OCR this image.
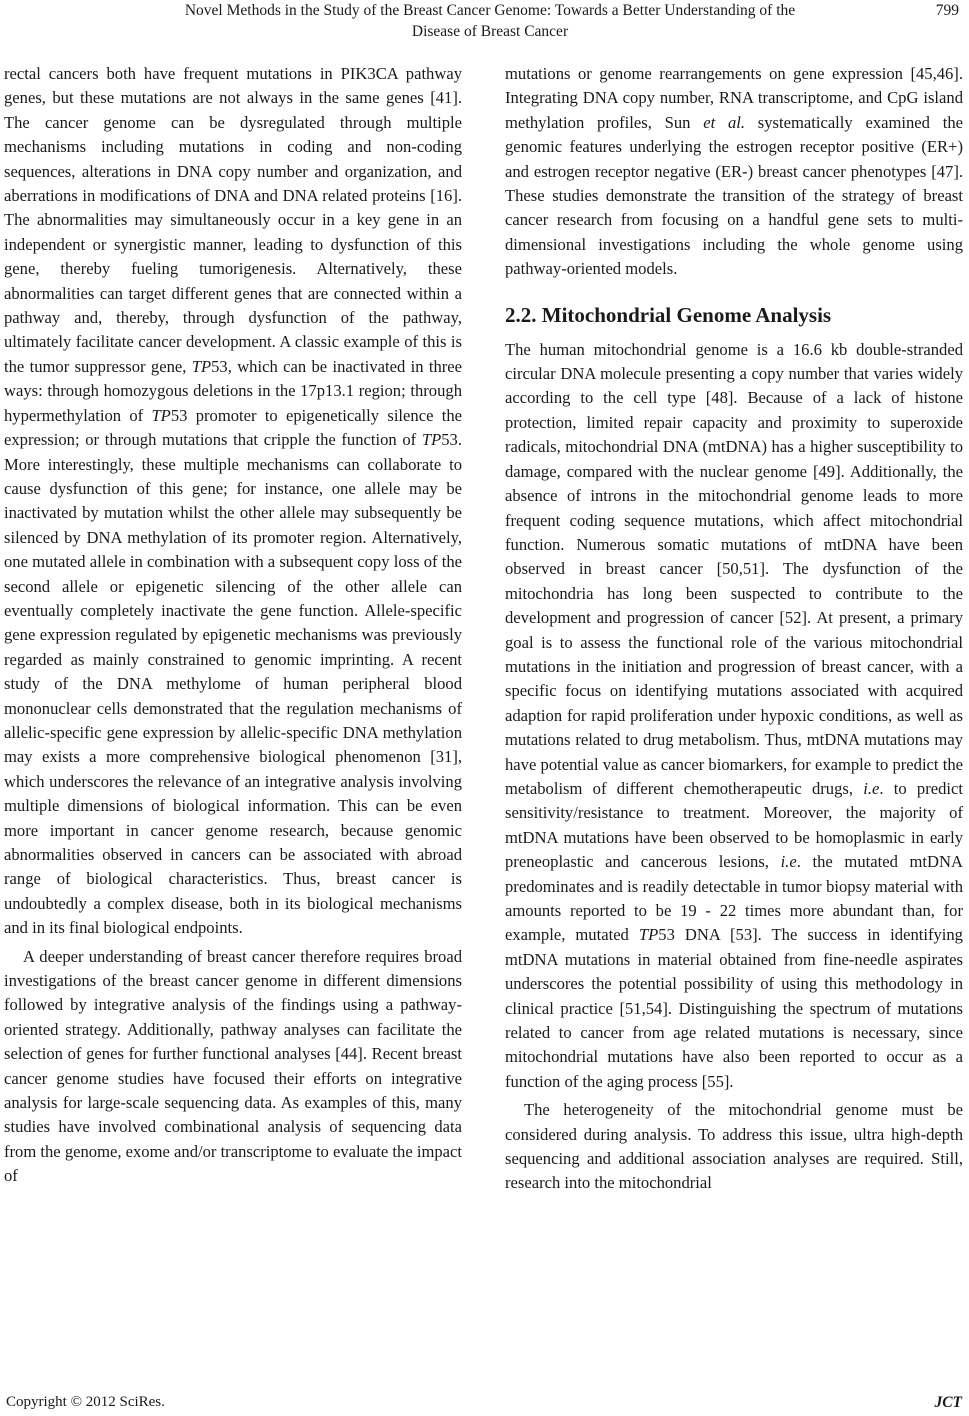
Novel Methods in the Study of the Breast Cancer Genome: Towards a Better Understanding of the
Disease of Breast Cancer
799

rectal cancers both have frequent mutations in PIK3CA pathway genes, but these mutations are not always in the same genes [41]. The cancer genome can be dysregulated through multiple mechanisms including mutations in coding and non-coding sequences, alterations in DNA copy number and organization, and aberrations in modifications of DNA and DNA related proteins [16]. The abnormalities may simultaneously occur in a key gene in an independent or synergistic manner, leading to dysfunction of this gene, thereby fueling tumorigenesis. Alternatively, these abnormalities can target different genes that are connected within a pathway and, thereby, through dysfunction of the pathway, ultimately facilitate cancer development. A classic example of this is the tumor suppressor gene, TP53, which can be inactivated in three ways: through homozygous deletions in the 17p13.1 region; through hypermethylation of TP53 promoter to epigenetically silence the expression; or through mutations that cripple the function of TP53. More interestingly, these multiple mechanisms can collaborate to cause dysfunction of this gene; for instance, one allele may be inactivated by mutation whilst the other allele may subsequently be silenced by DNA methylation of its promoter region. Alternatively, one mutated allele in combination with a subsequent copy loss of the second allele or epigenetic silencing of the other allele can eventually completely inactivate the gene function. Allele-specific gene expression regulated by epigenetic mechanisms was previously regarded as mainly constrained to genomic imprinting. A recent study of the DNA methylome of human peripheral blood mononuclear cells demonstrated that the regulation mechanisms of allelic-specific gene expression by allelic-specific DNA methylation may exists a more comprehensive biological phenomenon [31], which underscores the relevance of an integrative analysis involving multiple dimensions of biological information. This can be even more important in cancer genome research, because genomic abnormalities observed in cancers can be associated with abroad range of biological characteristics. Thus, breast cancer is undoubtedly a complex disease, both in its biological mechanisms and in its final biological endpoints.

A deeper understanding of breast cancer therefore requires broad investigations of the breast cancer genome in different dimensions followed by integrative analysis of the findings using a pathway-oriented strategy. Additionally, pathway analyses can facilitate the selection of genes for further functional analyses [44]. Recent breast cancer genome studies have focused their efforts on integrative analysis for large-scale sequencing data. As examples of this, many studies have involved combinational analysis of sequencing data from the genome, exome and/or transcriptome to evaluate the impact of

mutations or genome rearrangements on gene expression [45,46]. Integrating DNA copy number, RNA transcriptome, and CpG island methylation profiles, Sun et al. systematically examined the genomic features underlying the estrogen receptor positive (ER+) and estrogen receptor negative (ER-) breast cancer phenotypes [47]. These studies demonstrate the transition of the strategy of breast cancer research from focusing on a handful gene sets to multi-dimensional investigations including the whole genome using pathway-oriented models.

2.2. Mitochondrial Genome Analysis

The human mitochondrial genome is a 16.6 kb double-stranded circular DNA molecule presenting a copy number that varies widely according to the cell type [48]. Because of a lack of histone protection, limited repair capacity and proximity to superoxide radicals, mitochondrial DNA (mtDNA) has a higher susceptibility to damage, compared with the nuclear genome [49]. Additionally, the absence of introns in the mitochondrial genome leads to more frequent coding sequence mutations, which affect mitochondrial function. Numerous somatic mutations of mtDNA have been observed in breast cancer [50,51]. The dysfunction of the mitochondria has long been suspected to contribute to the development and progression of cancer [52]. At present, a primary goal is to assess the functional role of the various mitochondrial mutations in the initiation and progression of breast cancer, with a specific focus on identifying mutations associated with acquired adaption for rapid proliferation under hypoxic conditions, as well as mutations related to drug metabolism. Thus, mtDNA mutations may have potential value as cancer biomarkers, for example to predict the metabolism of different chemotherapeutic drugs, i.e. to predict sensitivity/resistance to treatment. Moreover, the majority of mtDNA mutations have been observed to be homoplasmic in early preneoplastic and cancerous lesions, i.e. the mutated mtDNA predominates and is readily detectable in tumor biopsy material with amounts reported to be 19 - 22 times more abundant than, for example, mutated TP53 DNA [53]. The success in identifying mtDNA mutations in material obtained from fine-needle aspirates underscores the potential possibility of using this methodology in clinical practice [51,54]. Distinguishing the spectrum of mutations related to cancer from age related mutations is necessary, since mitochondrial mutations have also been reported to occur as a function of the aging process [55].

The heterogeneity of the mitochondrial genome must be considered during analysis. To address this issue, ultra high-depth sequencing and additional association analyses are required. Still, research into the mitochondrial

Copyright © 2012 SciRes.	JCT
